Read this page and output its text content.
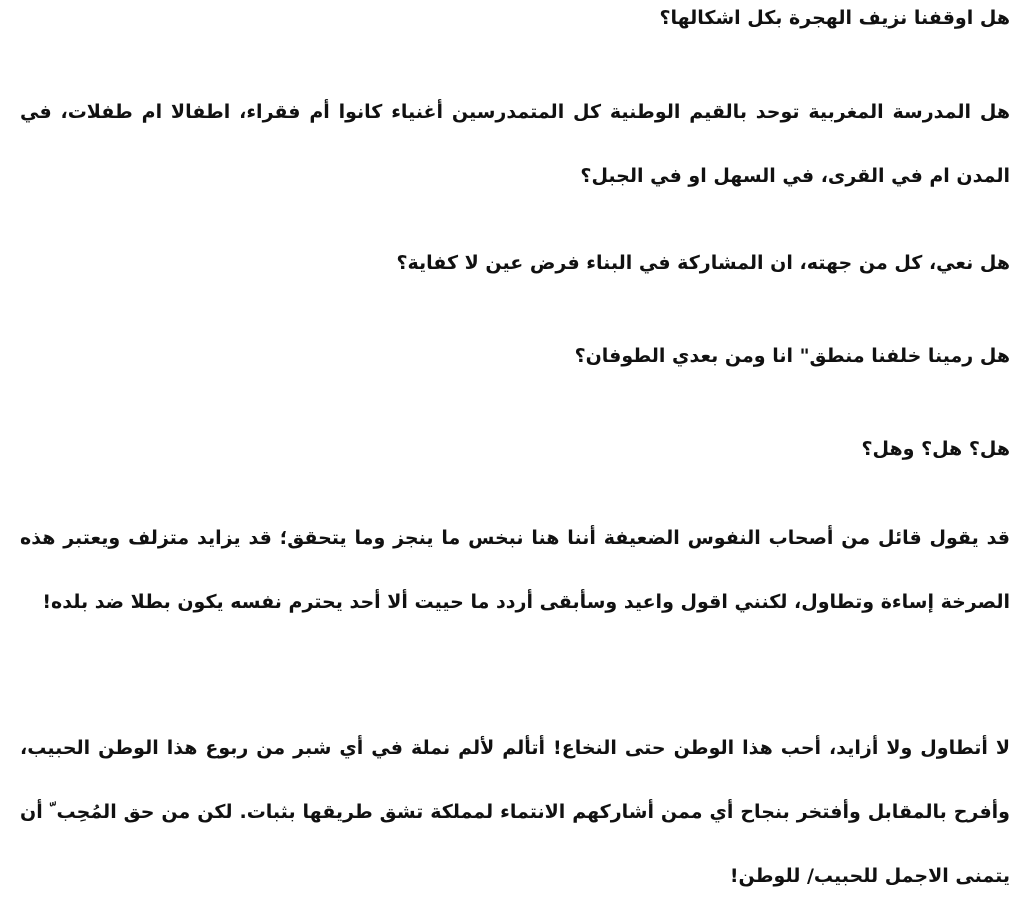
هل اوقفنا نزيف الهجرة بكل اشكالها؟

هل المدرسة المغربية توحد بالقيم الوطنية كل المتمدرسين أغنياء كانوا أم فقراء، اطفالا ام طفلات، في المدن ام في القرى، في السهل او في الجبل؟

هل نعي، كل من جهته، ان المشاركة في البناء فرض عين لا كفاية؟

هل رمينا خلفنا منطق" انا ومن بعدي الطوفان؟

هل؟ هل؟ وهل؟

قد يقول قائل من أصحاب النفوس الضعيفة أننا هنا نبخس ما ينجز وما يتحقق؛ قد يزايد متزلف ويعتبر هذه الصرخة إساءة وتطاول، لكنني اقول واعيد وسأبقى أردد ما حييت ألا أحد يحترم نفسه يكون بطلا ضد بلده!

لا أتطاول ولا أزايد، أحب هذا الوطن حتى النخاع! أتألم لألم نملة في أي شبر من ربوع هذا الوطن الحبيب، وأفرح بالمقابل وأفتخر بنجاح أي ممن أشاركهم الانتماء لمملكة تشق طريقها بثبات. لكن من حق المُحِب ّ أن يتمنى الاجمل للحبيب/ للوطن!
